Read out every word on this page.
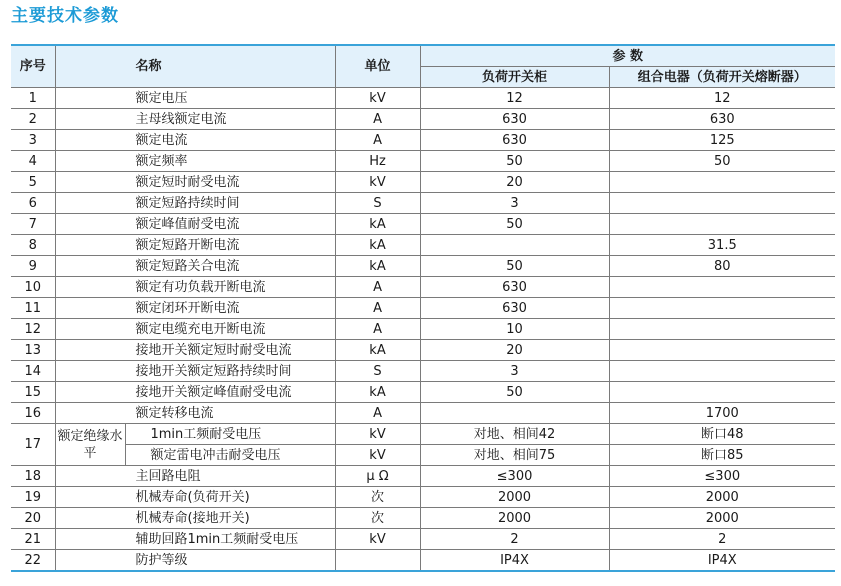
主要技术参数
序号	名称		单位	参 数	
				负荷开关柜	组合电器（负荷开关熔断器）
1	额定电压		kV	12	12
2	主母线额定电流		A	630	630
3	额定电流		A	630	125
4	额定频率		Hz	50	50
5	额定短时耐受电流		kV	20	
6	额定短路持续时间		S	3	
7	额定峰值耐受电流		kA	50	
8	额定短路开断电流		kA		31.5
9	额定短路关合电流		kA	50	80
10	额定有功负载开断电流		A	630	
11	额定闭环开断电流		A	630	
12	额定电缆充电开断电流		A	10	
13	接地开关额定短时耐受电流		kA	20	
14	接地开关额定短路持续时间		S	3	
15	接地开关额定峰值耐受电流		kA	50	
16	额定转移电流		A		1700
17	额定绝缘水平	1min工频耐受电压	kV	对地、相间42	断口48
		额定雷电冲击耐受电压	kV	对地、相间75	断口85
18	主回路电阻		μ Ω	≤300	≤300
19	机械寿命(负荷开关)		次	2000	2000
20	机械寿命(接地开关)		次	2000	2000
21	辅助回路1min工频耐受电压		kV	2	2
22	防护等级			IP4X	IP4X
